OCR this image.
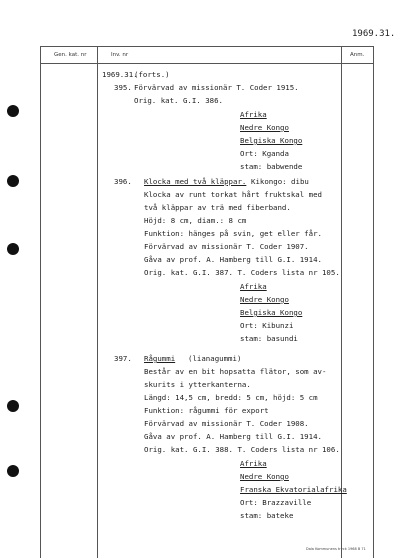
1969.31.
Gen. kat. nr	Inv. nr	Anm.
1969.31.
(forts.)
395. Förvärvad av missionär T. Coder 1915.
Orig. kat. G.I. 386.
Afrika
Nedre Kongo
Belgiska Kongo
Ort: Kganda
stam: babwende
396. Klocka med två kläppar. Kikongo: dibu
Klocka av runt torkat hårt fruktskal med
två kläppar av trä med fiberband.
Höjd: 8 cm, diam.: 8 cm
Funktion: hänges på svin, get eller får.
Förvärvad av missionär T. Coder 1907.
Gåva av prof. A. Hamberg till G.I. 1914.
Orig. kat. G.I. 387. T. Coders lista nr 105.
Afrika
Nedre Kongo
Belgiska Kongo
Ort: Kibunzi
stam: basundi
397. Rågummi (lianagummi)
Består av en bit hopsatta flätor, som av-
skurits i ytterkanterna.
Längd: 14,5 cm, bredd: 5 cm, höjd: 5 cm
Funktion: rågummi för export
Förvärvad av missionär T. Coder 1908.
Gåva av prof. A. Hamberg till G.I. 1914.
Orig. kat. G.I. 388. T. Coders lista nr 106.
Afrika
Nedre Kongo
Franska Ekvatorialafrika
Ort: Brazzaville
stam: bateke
Dala Kommunens tryck 1968 B 71
